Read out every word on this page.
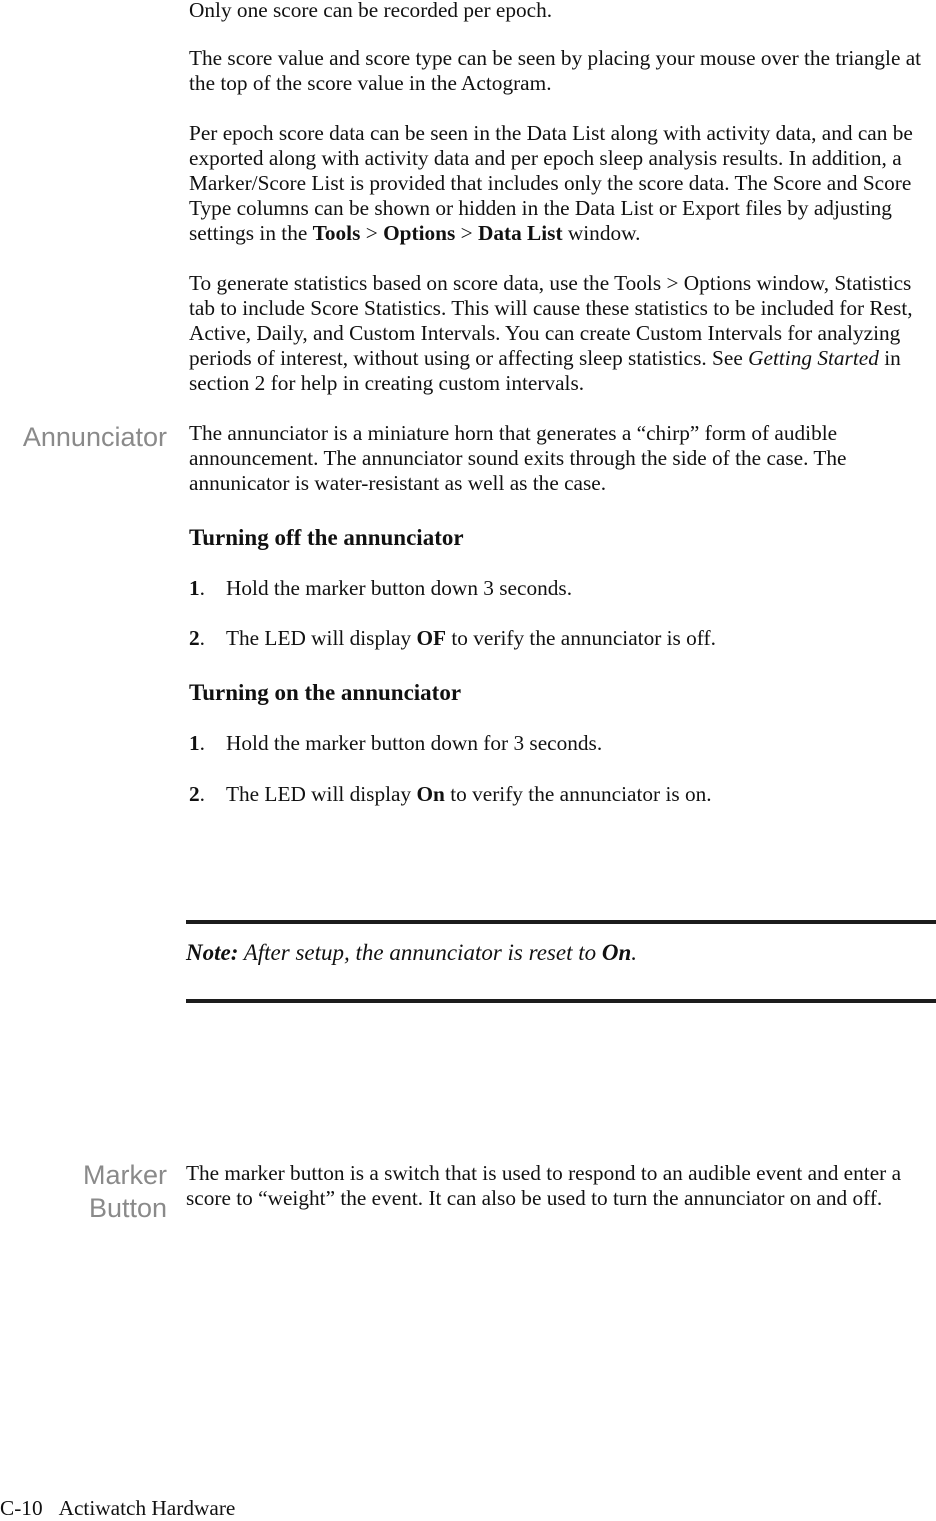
Only one score can be recorded per epoch.
The score value and score type can be seen by placing your mouse over the triangle at the top of the score value in the Actogram.
Per epoch score data can be seen in the Data List along with activity data, and can be exported along with activity data and per epoch sleep analysis results. In addition, a Marker/Score List is provided that includes only the score data. The Score and Score Type columns can be shown or hidden in the Data List or Export files by adjusting settings in the Tools > Options > Data List window.
To generate statistics based on score data, use the Tools > Options window, Statistics tab to include Score Statistics. This will cause these statistics to be included for Rest, Active, Daily, and Custom Intervals. You can create Custom Intervals for analyzing periods of interest, without using or affecting sleep statistics. See Getting Started in section 2 for help in creating custom intervals.
Annunciator The annunciator is a miniature horn that generates a “chirp” form of audible announcement. The annunciator sound exits through the side of the case. The annunicator is water-resistant as well as the case.
Turning off the annunciator
1. Hold the marker button down 3 seconds.
2. The LED will display OF to verify the annunciator is off.
Turning on the annunciator
1. Hold the marker button down for 3 seconds.
2. The LED will display On to verify the annunciator is on.
Note: After setup, the annunciator is reset to On.
Marker
Button
The marker button is a switch that is used to respond to an audible event and enter a score to “weight” the event. It can also be used to turn the annunciator on and off.
C-10 Actiwatch Hardware
